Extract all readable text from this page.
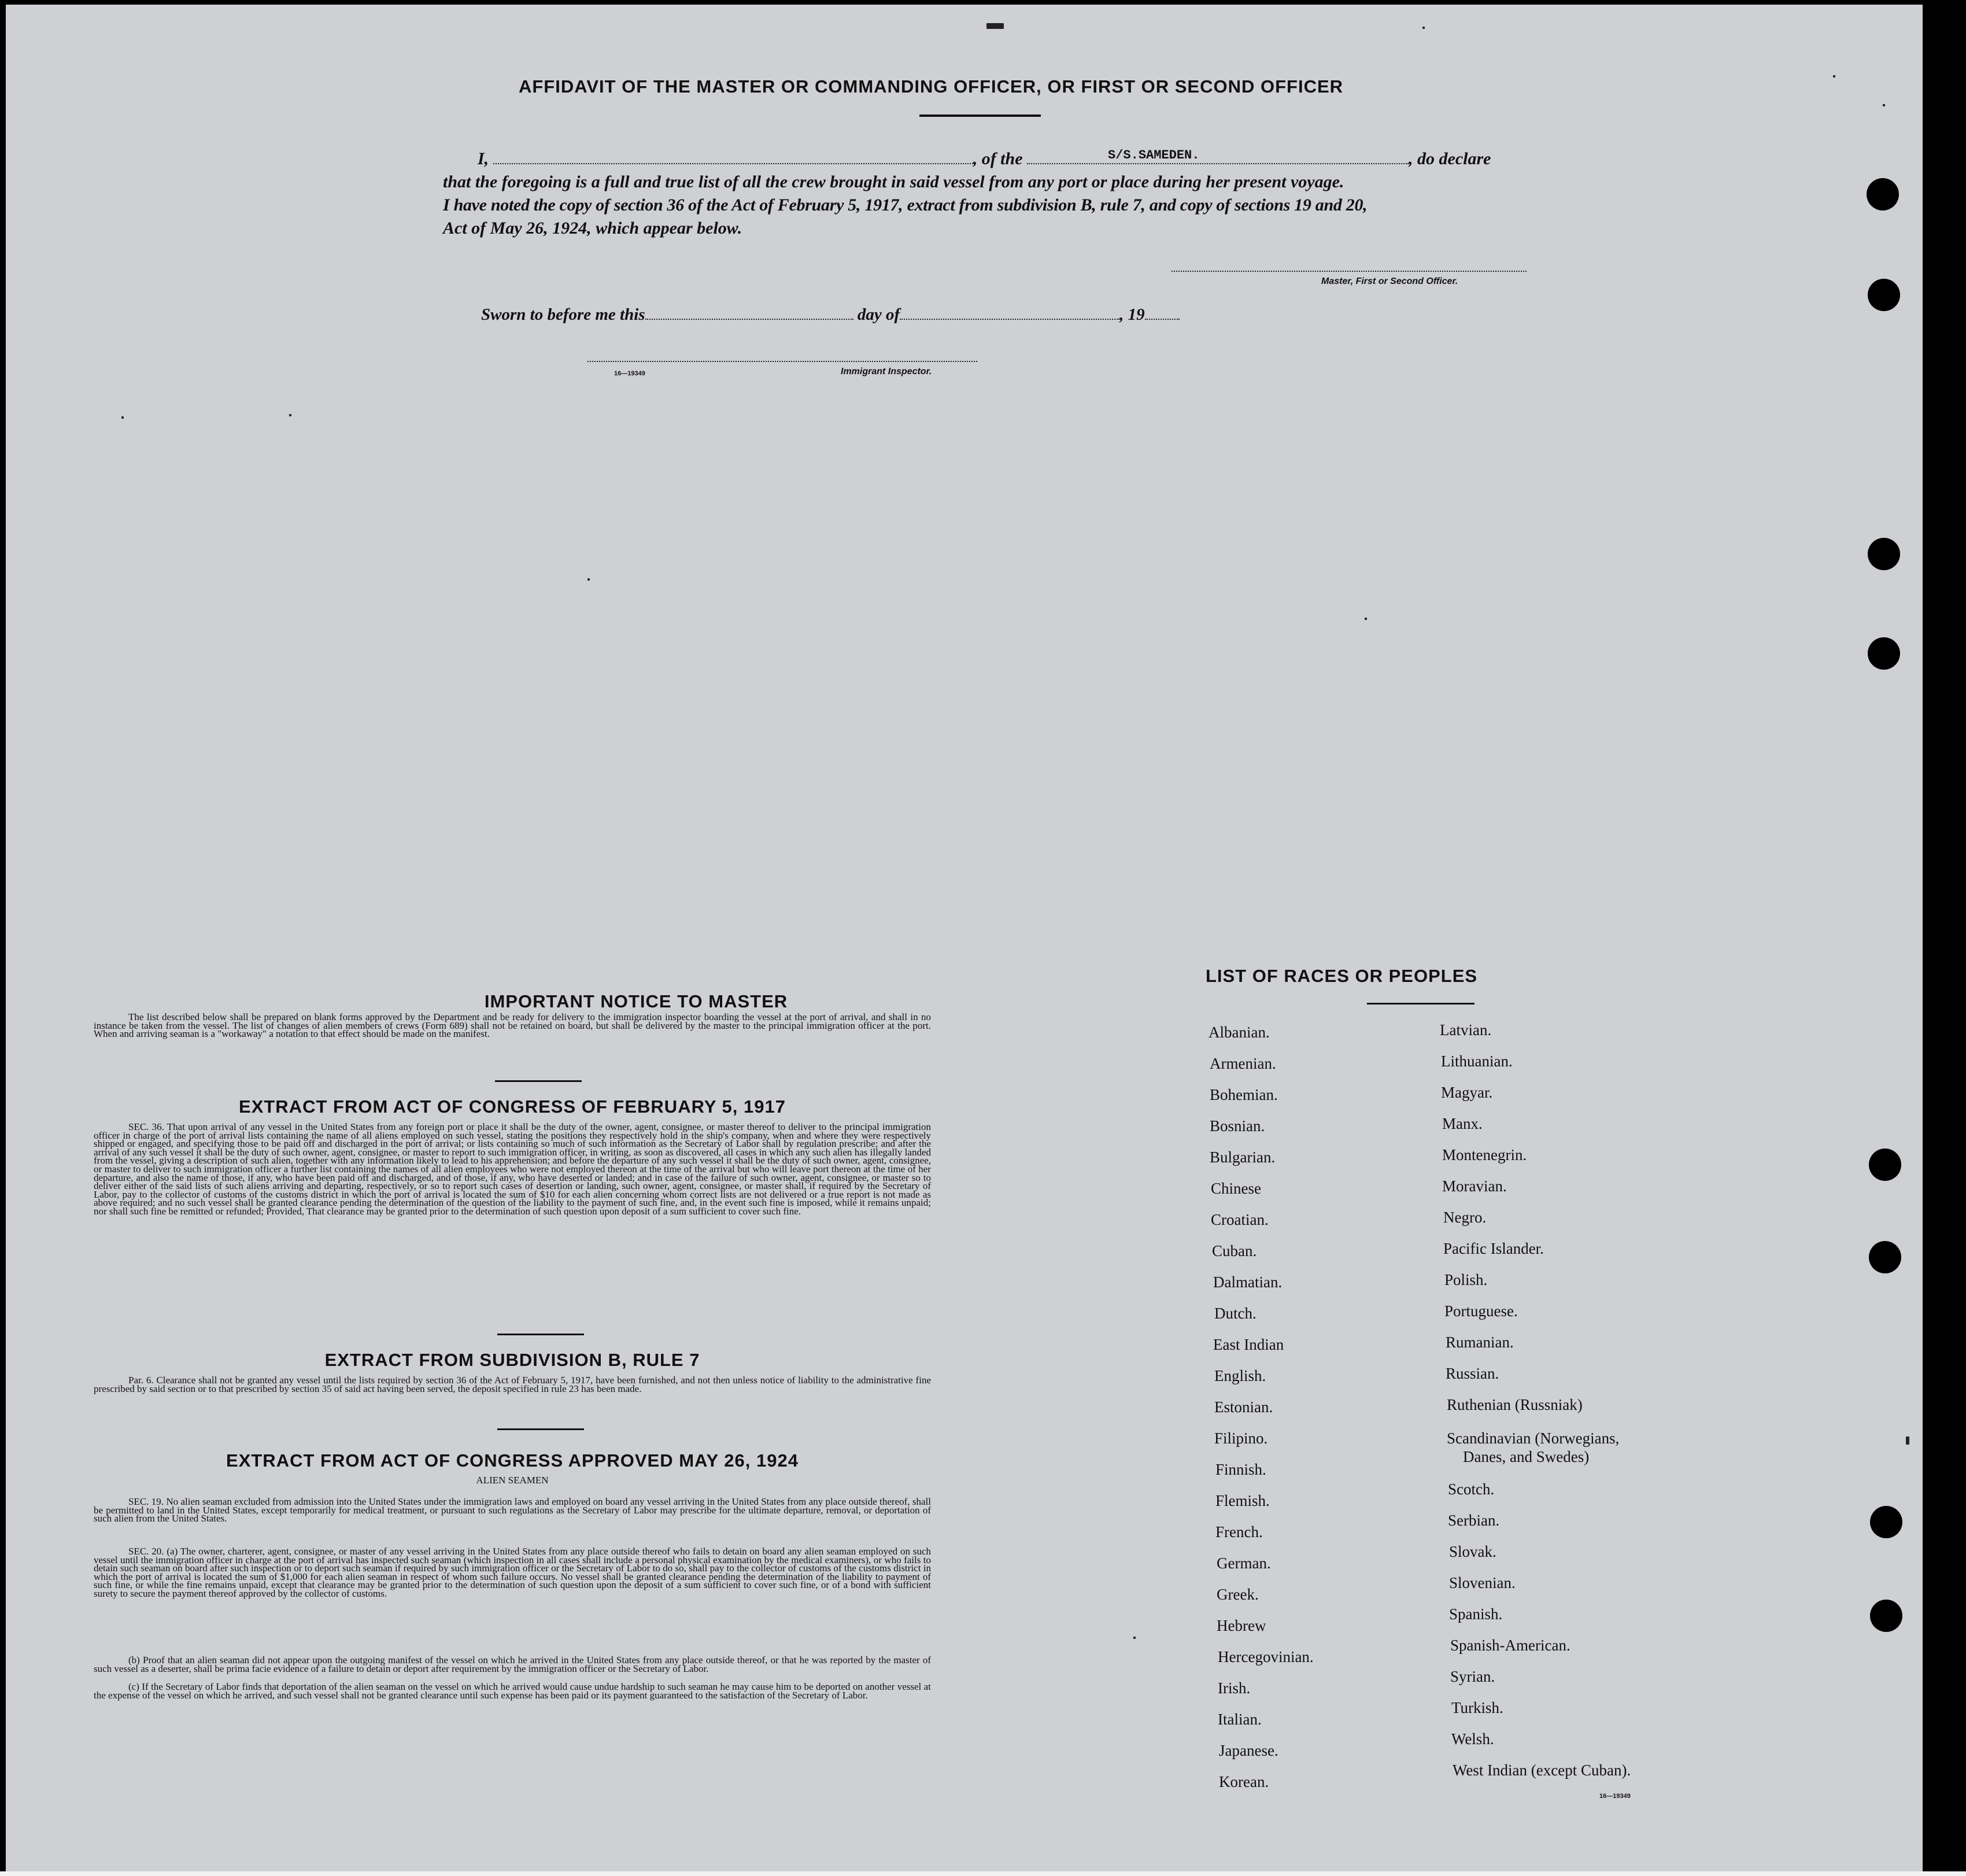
AFFIDAVIT OF THE MASTER OR COMMANDING OFFICER, OR FIRST OR SECOND OFFICER
I,	, of the	S/S.SAMEDEN.	, do declare
that the foregoing is a full and true list of all the crew brought in said vessel from any port or place during her present voyage.
I have noted the copy of section 36 of the Act of February 5, 1917, extract from subdivision B, rule 7, and copy of sections 19 and 20,
Act of May 26, 1924, which appear below.
Master, First or Second Officer.
Sworn to before me this	day of	, 19
16—19349	Immigrant Inspector.
IMPORTANT NOTICE TO MASTER
The list described below shall be prepared on blank forms approved by the Department and be ready for delivery to the immigration inspector boarding the vessel at the port of arrival, and shall in no instance be taken from the vessel. The list of changes of alien members of crews (Form 689) shall not be retained on board, but shall be delivered by the master to the principal immigration officer at the port. When and arriving seaman is a "workaway" a notation to that effect should be made on the manifest.
EXTRACT FROM ACT OF CONGRESS OF FEBRUARY 5, 1917
SEC. 36. That upon arrival of any vessel in the United States from any foreign port or place it shall be the duty of the owner, agent, consignee, or master thereof to deliver to the principal immigration officer in charge of the port of arrival lists containing the name of all aliens employed on such vessel, stating the positions they respectively hold in the ship's company, when and where they were respectively shipped or engaged, and specifying those to be paid off and discharged in the port of arrival; or lists containing so much of such information as the Secretary of Labor shall by regulation prescribe; and after the arrival of any such vessel it shall be the duty of such owner, agent, consignee, or master to report to such immigration officer, in writing, as soon as discovered, all cases in which any such alien has illegally landed from the vessel, giving a description of such alien, together with any information likely to lead to his apprehension; and before the departure of any such vessel it shall be the duty of such owner, agent, consignee, or master to deliver to such immigration officer a further list containing the names of all alien employees who were not employed thereon at the time of the arrival but who will leave port thereon at the time of her departure, and also the name of those, if any, who have been paid off and discharged, and of those, if any, who have deserted or landed; and in case of the failure of such owner, agent, consignee, or master so to deliver either of the said lists of such aliens arriving and departing, respectively, or so to report such cases of desertion or landing, such owner, agent, consignee, or master shall, if required by the Secretary of Labor, pay to the collector of customs of the customs district in which the port of arrival is located the sum of $10 for each alien concerning whom correct lists are not delivered or a true report is not made as above required; and no such vessel shall be granted clearance pending the determination of the question of the liability to the payment of such fine, and, in the event such fine is imposed, while it remains unpaid; nor shall such fine be remitted or refunded; Provided, That clearance may be granted prior to the determination of such question upon deposit of a sum sufficient to cover such fine.
EXTRACT FROM SUBDIVISION B, RULE 7
Par. 6. Clearance shall not be granted any vessel until the lists required by section 36 of the Act of February 5, 1917, have been furnished, and not then unless notice of liability to the administrative fine prescribed by said section or to that prescribed by section 35 of said act having been served, the deposit specified in rule 23 has been made.
EXTRACT FROM ACT OF CONGRESS APPROVED MAY 26, 1924
ALIEN SEAMEN
SEC. 19. No alien seaman excluded from admission into the United States under the immigration laws and employed on board any vessel arriving in the United States from any place outside thereof, shall be permitted to land in the United States, except temporarily for medical treatment, or pursuant to such regulations as the Secretary of Labor may prescribe for the ultimate departure, removal, or deportation of such alien from the United States.
SEC. 20. (a) The owner, charterer, agent, consignee, or master of any vessel arriving in the United States from any place outside thereof who fails to detain on board any alien seaman employed on such vessel until the immigration officer in charge at the port of arrival has inspected such seaman (which inspection in all cases shall include a personal physical examination by the medical examiners), or who fails to detain such seaman on board after such inspection or to deport such seaman if required by such immigration officer or the Secretary of Labor to do so, shall pay to the collector of customs of the customs district in which the port of arrival is located the sum of $1,000 for each alien seaman in respect of whom such failure occurs. No vessel shall be granted clearance pending the determination of the liability to payment of such fine, or while the fine remains unpaid, except that clearance may be granted prior to the determination of such question upon the deposit of a sum sufficient to cover such fine, or of a bond with sufficient surety to secure the payment thereof approved by the collector of customs.
(b) Proof that an alien seaman did not appear upon the outgoing manifest of the vessel on which he arrived in the United States from any place outside thereof, or that he was reported by the master of such vessel as a deserter, shall be prima facie evidence of a failure to detain or deport after requirement by the immigration officer or the Secretary of Labor.
(c) If the Secretary of Labor finds that deportation of the alien seaman on the vessel on which he arrived would cause undue hardship to such seaman he may cause him to be deported on another vessel at the expense of the vessel on which he arrived, and such vessel shall not be granted clearance until such expense has been paid or its payment guaranteed to the satisfaction of the Secretary of Labor.
LIST OF RACES OR PEOPLES
Albanian.
Armenian.
Bohemian.
Bosnian.
Bulgarian.
Chinese
Croatian.
Cuban.
Dalmatian.
Dutch.
East Indian
English.
Estonian.
Filipino.
Finnish.
Flemish.
French.
German.
Greek.
Hebrew
Hercegovinian.
Irish.
Italian.
Japanese.
Korean.
Latvian.
Lithuanian.
Magyar.
Manx.
Montenegrin.
Moravian.
Negro.
Pacific Islander.
Polish.
Portuguese.
Rumanian.
Russian.
Ruthenian (Russniak)
Scandinavian (Norwegians,
Danes, and Swedes)
Scotch.
Serbian.
Slovak.
Slovenian.
Spanish.
Spanish-American.
Syrian.
Turkish.
Welsh.
West Indian (except Cuban).
16—19349
